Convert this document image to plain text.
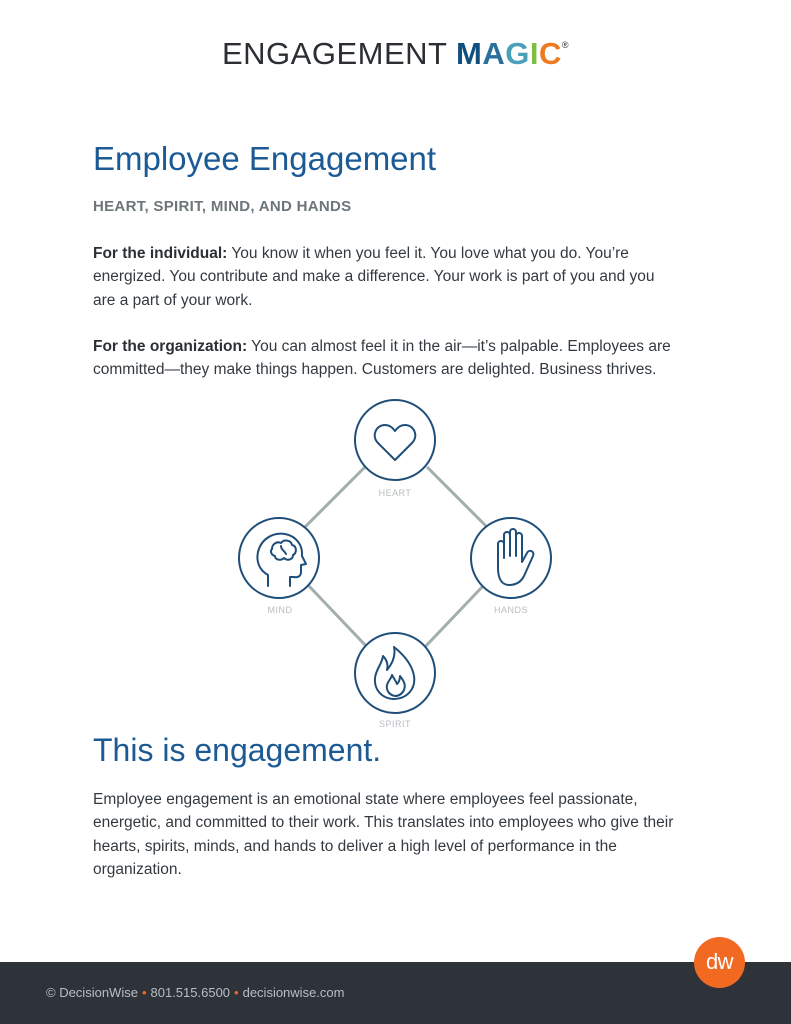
ENGAGEMENT MAGIC®
Employee Engagement
HEART, SPIRIT, MIND, AND HANDS

For the individual: You know it when you feel it. You love what you do. You’re energized. You contribute and make a difference. Your work is part of you and you are a part of your work.

For the organization: You can almost feel it in the air—it’s palpable. Employees are committed—they make things happen. Customers are delighted. Business thrives.

HEART
MIND	HANDS
SPIRIT
This is engagement.

Employee engagement is an emotional state where employees feel passionate, energetic, and committed to their work. This translates into employees who give their hearts, spirits, minds, and hands to deliver a high level of performance in the organization.

dw
© DecisionWise • 801.515.6500 • decisionwise.com
